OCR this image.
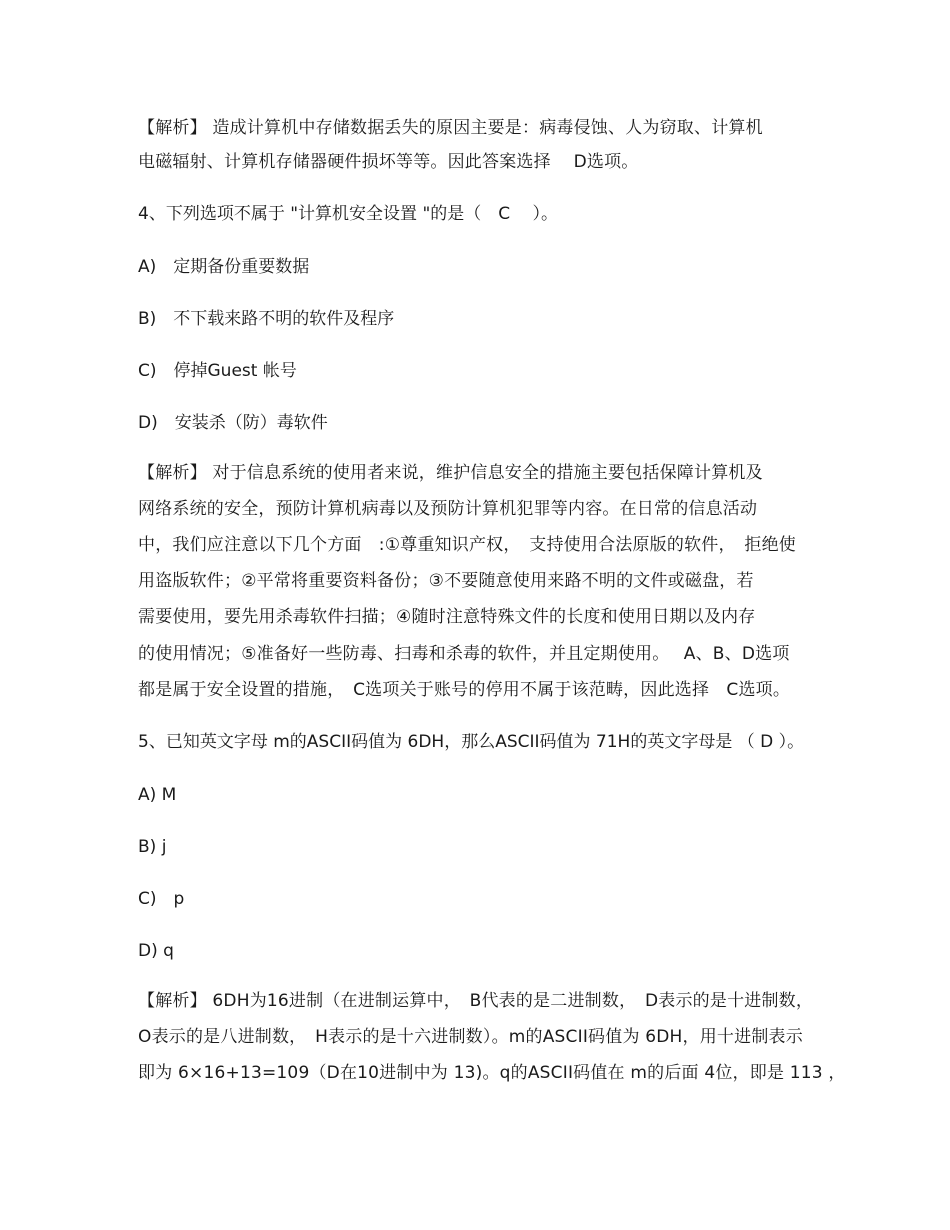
【解析】 造成计算机中存储数据丢失的原因主要是：病毒侵蚀、人为窃取、计算机
电磁辐射、计算机存储器硬件损坏等等。因此答案选择　 D选项。
4、下列选项不属于 "计算机安全设置 "的是（　C　 ）。
A)　定期备份重要数据
B)　不下载来路不明的软件及程序
C)　停掉Guest 帐号
D)　安装杀（防）毒软件
【解析】 对于信息系统的使用者来说，维护信息安全的措施主要包括保障计算机及
网络系统的安全，预防计算机病毒以及预防计算机犯罪等内容。在日常的信息活动
中，我们应注意以下几个方面　:①尊重知识产权，　支持使用合法原版的软件，　拒绝使
用盗版软件；②平常将重要资料备份；③不要随意使用来路不明的文件或磁盘，若
需要使用，要先用杀毒软件扫描；④随时注意特殊文件的长度和使用日期以及内存
的使用情况；⑤准备好一些防毒、扫毒和杀毒的软件，并且定期使用。　 A、B、D选项
都是属于安全设置的措施，　C选项关于账号的停用不属于该范畴，因此选择　C选项。
5、已知英文字母 m的ASCII码值为 6DH，那么ASCII码值为 71H的英文字母是 （ D ）。
A) M
B) j
C)　p
D) q
【解析】 6DH为16进制（在进制运算中，　B代表的是二进制数，　D表示的是十进制数，
O表示的是八进制数，　H表示的是十六进制数）。m的ASCII码值为 6DH，用十进制表示
即为 6×16+13=109（D在10进制中为 13)。q的ASCII码值在 m的后面 4位，即是 113 ，
